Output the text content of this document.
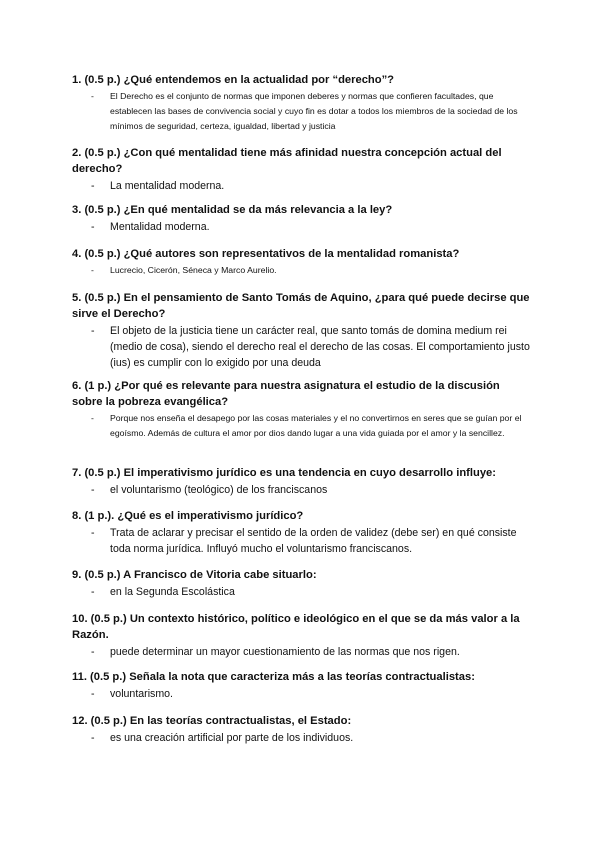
1. (0.5 p.) ¿Qué entendemos en la actualidad por “derecho”?

-	El Derecho es el conjunto de normas que imponen deberes y normas que confieren facultades, que establecen las bases de convivencia social y cuyo fin es dotar a todos los miembros de la sociedad de los mínimos de seguridad, certeza, igualdad, libertad y justicia

2. (0.5 p.) ¿Con qué mentalidad tiene más afinidad nuestra concepción actual del derecho?

-	La mentalidad moderna.

3. (0.5 p.) ¿En qué mentalidad se da más relevancia a la ley?

-	Mentalidad moderna.

4. (0.5 p.) ¿Qué autores son representativos de la mentalidad romanista?

-	Lucrecio, Cicerón, Séneca y Marco Aurelio.

5. (0.5 p.) En el pensamiento de Santo Tomás de Aquino, ¿para qué puede decirse que sirve el Derecho?

-	El objeto de la justicia tiene un carácter real, que santo tomás de domina medium rei (medio de cosa), siendo el derecho real el derecho de las cosas. El comportamiento justo (ius) es cumplir con lo exigido por una deuda

6. (1 p.) ¿Por qué es relevante para nuestra asignatura el estudio de la discusión sobre la pobreza evangélica?

-	Porque nos enseña el desapego por las cosas materiales y el no convertirnos en seres que se guían por el egoísmo. Además de cultura el amor por dios dando lugar a una vida guiada por el amor y la sencillez.

7. (0.5 p.) El imperativismo jurídico es una tendencia en cuyo desarrollo influye:

-	el voluntarismo (teológico) de los franciscanos

8. (1 p.). ¿Qué es el imperativismo jurídico?

-	Trata de aclarar y precisar el sentido de la orden de validez (debe ser) en qué consiste toda norma jurídica. Influyó mucho el voluntarismo franciscanos.

9. (0.5 p.) A Francisco de Vitoria cabe situarlo:

-	en la Segunda Escolástica

10. (0.5 p.) Un contexto histórico, político e ideológico en el que se da más valor a la Razón.

-	puede determinar un mayor cuestionamiento de las normas que nos rigen.

11. (0.5 p.) Señala la nota que caracteriza más a las teorías contractualistas:

-	voluntarismo.

12. (0.5 p.) En las teorías contractualistas, el Estado:

-	es una creación artificial por parte de los individuos.
